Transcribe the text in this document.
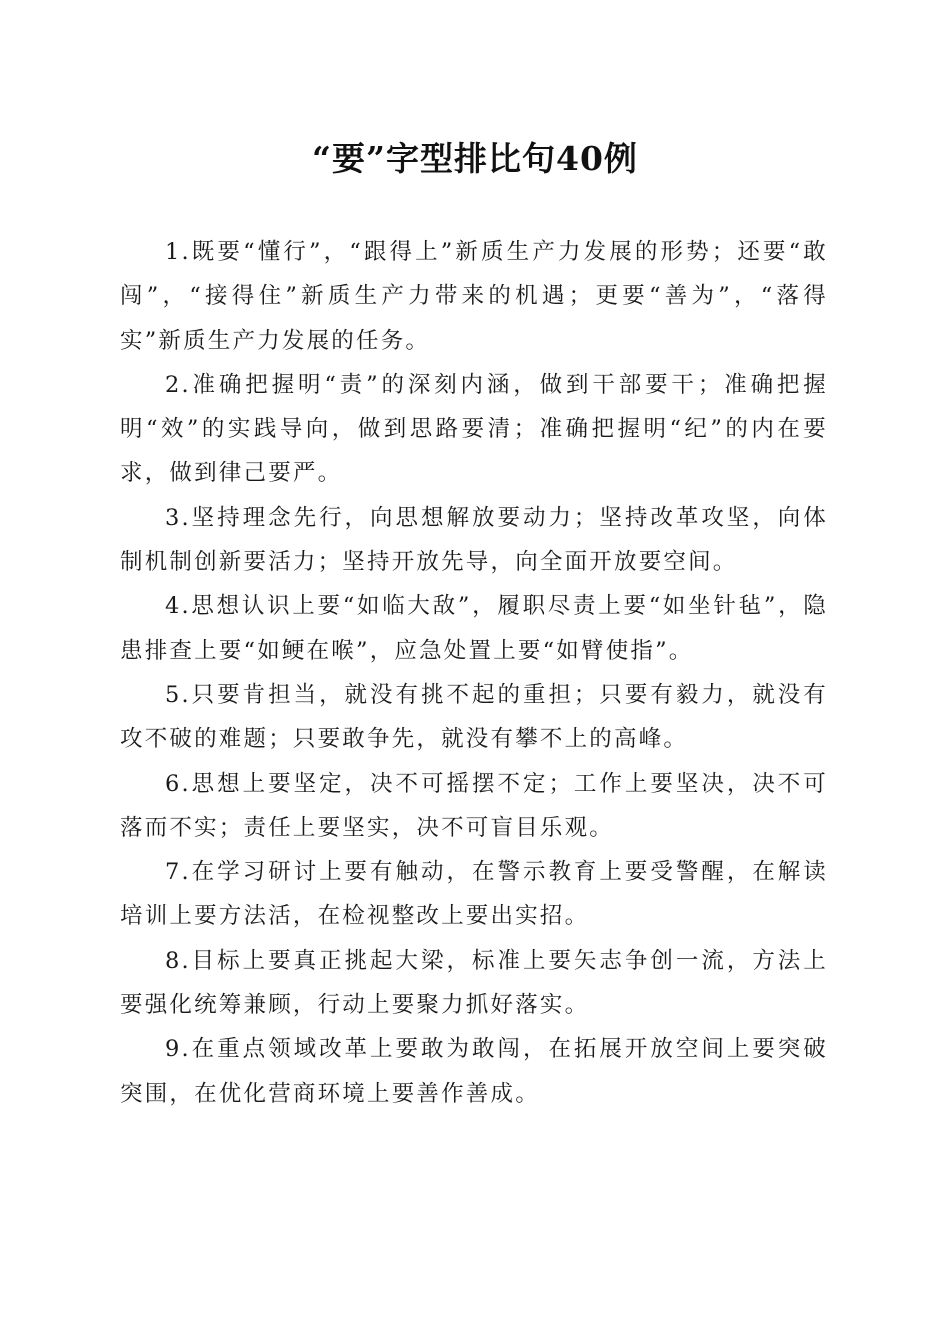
“要”字型排比句40例

1.既要“懂行”，“跟得上”新质生产力发展的形势；还要“敢闯”，“接得住”新质生产力带来的机遇；更要“善为”，“落得实”新质生产力发展的任务。

2.准确把握明“责”的深刻内涵，做到干部要干；准确把握明“效”的实践导向，做到思路要清；准确把握明“纪”的内在要求，做到律己要严。

3.坚持理念先行，向思想解放要动力；坚持改革攻坚，向体制机制创新要活力；坚持开放先导，向全面开放要空间。

4.思想认识上要“如临大敌”，履职尽责上要“如坐针毡”，隐患排查上要“如鲠在喉”，应急处置上要“如臂使指”。

5.只要肯担当，就没有挑不起的重担；只要有毅力，就没有攻不破的难题；只要敢争先，就没有攀不上的高峰。

6.思想上要坚定，决不可摇摆不定；工作上要坚决，决不可落而不实；责任上要坚实，决不可盲目乐观。

7.在学习研讨上要有触动，在警示教育上要受警醒，在解读培训上要方法活，在检视整改上要出实招。

8.目标上要真正挑起大梁，标准上要矢志争创一流，方法上要强化统筹兼顾，行动上要聚力抓好落实。

9.在重点领域改革上要敢为敢闯，在拓展开放空间上要突破突围，在优化营商环境上要善作善成。
